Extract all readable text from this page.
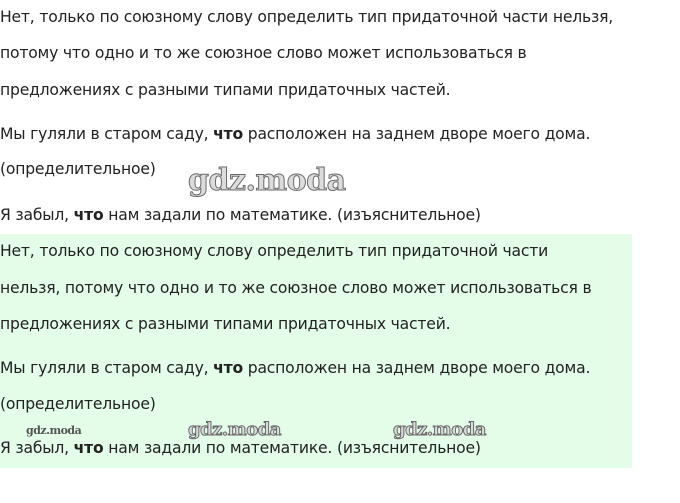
Нет, только по союзному слову определить тип придаточной части нельзя,
потому что одно и то же союзное слово может использоваться в
предложениях с разными типами придаточных частей.
Мы гуляли в старом саду, что расположен на заднем дворе моего дома.
(определительное) gdz.moda
Я забыл, что нам задали по математике. (изъяснительное)
Нет, только по союзному слову определить тип придаточной части
нельзя, потому что одно и то же союзное слово может использоваться в
предложениях с разными типами придаточных частей.
Мы гуляли в старом саду, что расположен на заднем дворе моего дома.
(определительное)
gdz.moda	gdz.moda	gdz.moda
Я забыл, что нам задали по математике. (изъяснительное)
